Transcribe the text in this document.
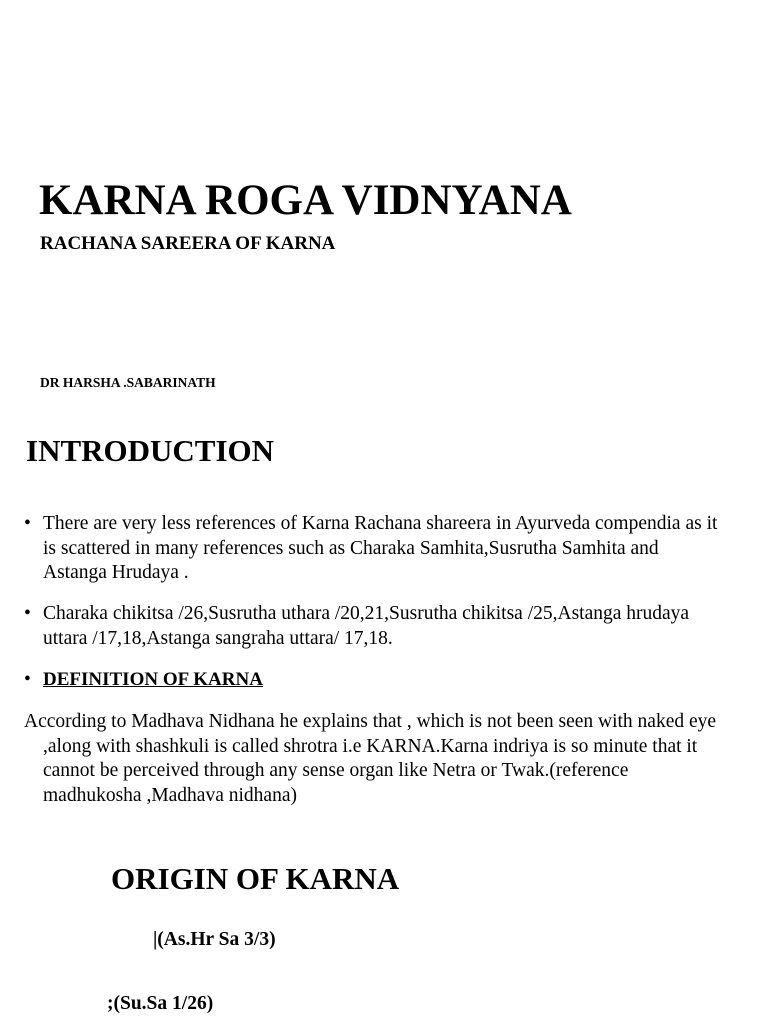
KARNA ROGA VIDNYANA
RACHANA SAREERA OF KARNA
DR HARSHA .SABARINATH
INTRODUCTION
• There are very less references of Karna Rachana shareera in Ayurveda compendia as it is scattered in many references such as Charaka Samhita,Susrutha Samhita and Astanga Hrudaya .
• Charaka chikitsa /26,Susrutha uthara /20,21,Susrutha chikitsa /25,Astanga hrudaya uttara /17,18,Astanga sangraha uttara/ 17,18.
• DEFINITION OF KARNA

According to Madhava Nidhana he explains that , which is not been seen with naked eye ,along with shashkuli is called shrotra i.e KARNA.Karna indriya is so minute that it cannot be perceived through any sense organ like Netra or Twak.(reference madhukosha ,Madhava nidhana)

ORIGIN OF KARNA
|(As.Hr Sa 3/3)
;(Su.Sa 1/26)
